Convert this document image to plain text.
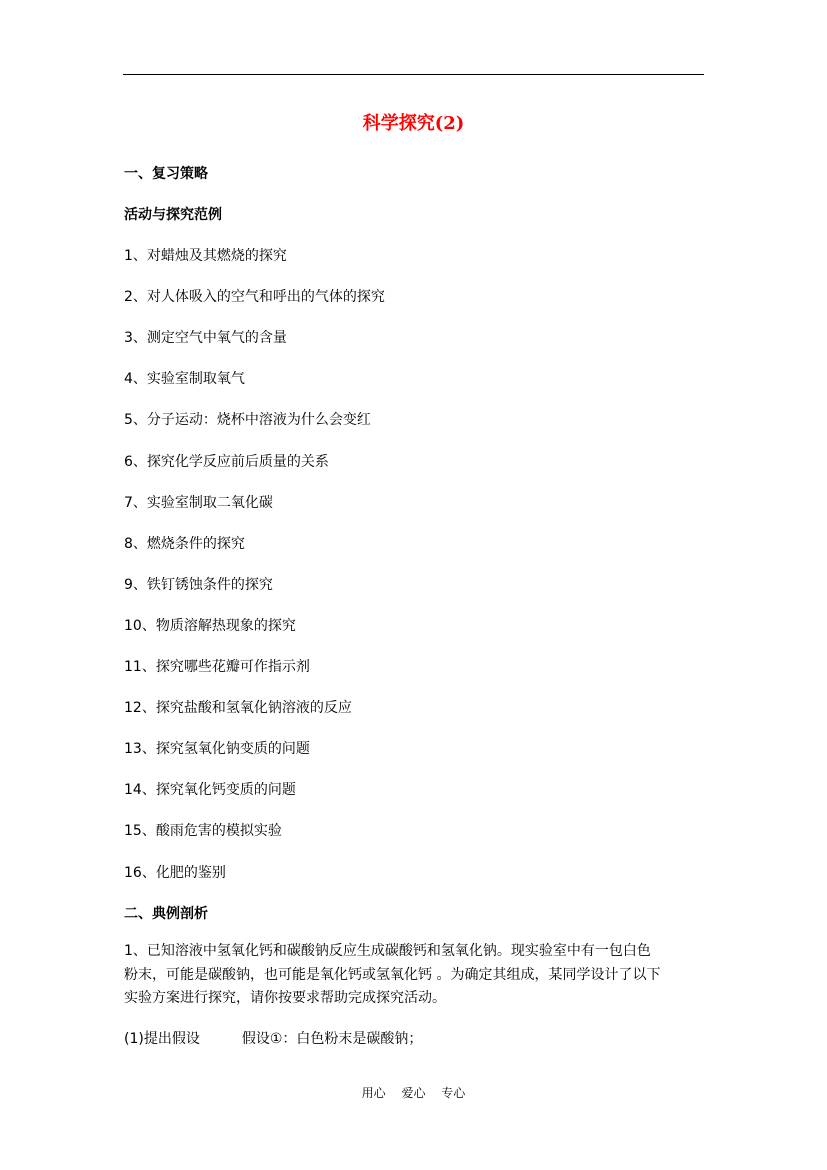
科学探究(2)
一、复习策略
活动与探究范例
1、对蜡烛及其燃烧的探究
2、对人体吸入的空气和呼出的气体的探究
3、测定空气中氧气的含量
4、实验室制取氧气
5、分子运动：烧杯中溶液为什么会变红
6、探究化学反应前后质量的关系
7、实验室制取二氧化碳
8、燃烧条件的探究
9、铁钉锈蚀条件的探究
10、物质溶解热现象的探究
11、探究哪些花瓣可作指示剂
12、探究盐酸和氢氧化钠溶液的反应
13、探究氢氧化钠变质的问题
14、探究氧化钙变质的问题
15、酸雨危害的模拟实验
16、化肥的鉴别
二、典例剖析
1、已知溶液中氢氧化钙和碳酸钠反应生成碳酸钙和氢氧化钠。现实验室中有一包白色
粉末，可能是碳酸钠，也可能是氧化钙或氢氧化钙 。为确定其组成，某同学设计了以下
实验方案进行探究，请你按要求帮助完成探究活动。
(1)提出假设	假设①：白色粉末是碳酸钠；
用心 爱心 专心
